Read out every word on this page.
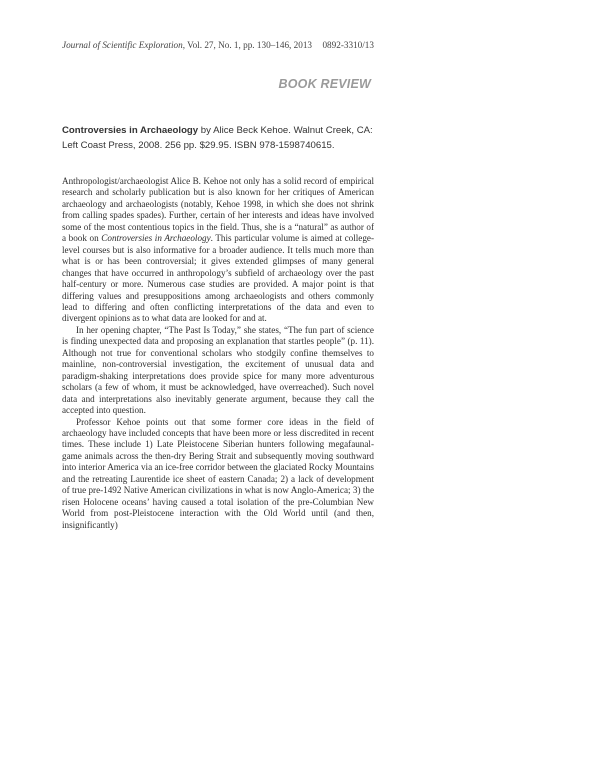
Journal of Scientific Exploration, Vol. 27, No. 1, pp. 130–146, 2013 0892-3310/13
BOOK REVIEW
Controversies in Archaeology by Alice Beck Kehoe. Walnut Creek, CA: Left Coast Press, 2008. 256 pp. $29.95. ISBN 978-1598740615.

Anthropologist/archaeologist Alice B. Kehoe not only has a solid record of empirical research and scholarly publication but is also known for her critiques of American archaeology and archaeologists (notably, Kehoe 1998, in which she does not shrink from calling spades spades). Further, certain of her interests and ideas have involved some of the most contentious topics in the field. Thus, she is a “natural” as author of a book on Controversies in Archaeology. This particular volume is aimed at college-level courses but is also informative for a broader audience. It tells much more than what is or has been controversial; it gives extended glimpses of many general changes that have occurred in anthropology’s subfield of archaeology over the past half-century or more. Numerous case studies are provided. A major point is that differing values and presuppositions among archaeologists and others commonly lead to differing and often conflicting interpretations of the data and even to divergent opinions as to what data are looked for and at.

In her opening chapter, “The Past Is Today,” she states, “The fun part of science is finding unexpected data and proposing an explanation that startles people” (p. 11). Although not true for conventional scholars who stodgily confine themselves to mainline, non-controversial investigation, the excitement of unusual data and paradigm-shaking interpretations does provide spice for many more adventurous scholars (a few of whom, it must be acknowledged, have overreached). Such novel data and interpretations also inevitably generate argument, because they call the accepted into question.

Professor Kehoe points out that some former core ideas in the field of archaeology have included concepts that have been more or less discredited in recent times. These include 1) Late Pleistocene Siberian hunters following megafaunal-game animals across the then-dry Bering Strait and subsequently moving southward into interior America via an ice-free corridor between the glaciated Rocky Mountains and the retreating Laurentide ice sheet of eastern Canada; 2) a lack of development of true pre-1492 Native American civilizations in what is now Anglo-America; 3) the risen Holocene oceans’ having caused a total isolation of the pre-Columbian New World from post-Pleistocene interaction with the Old World until (and then, insignificantly)
